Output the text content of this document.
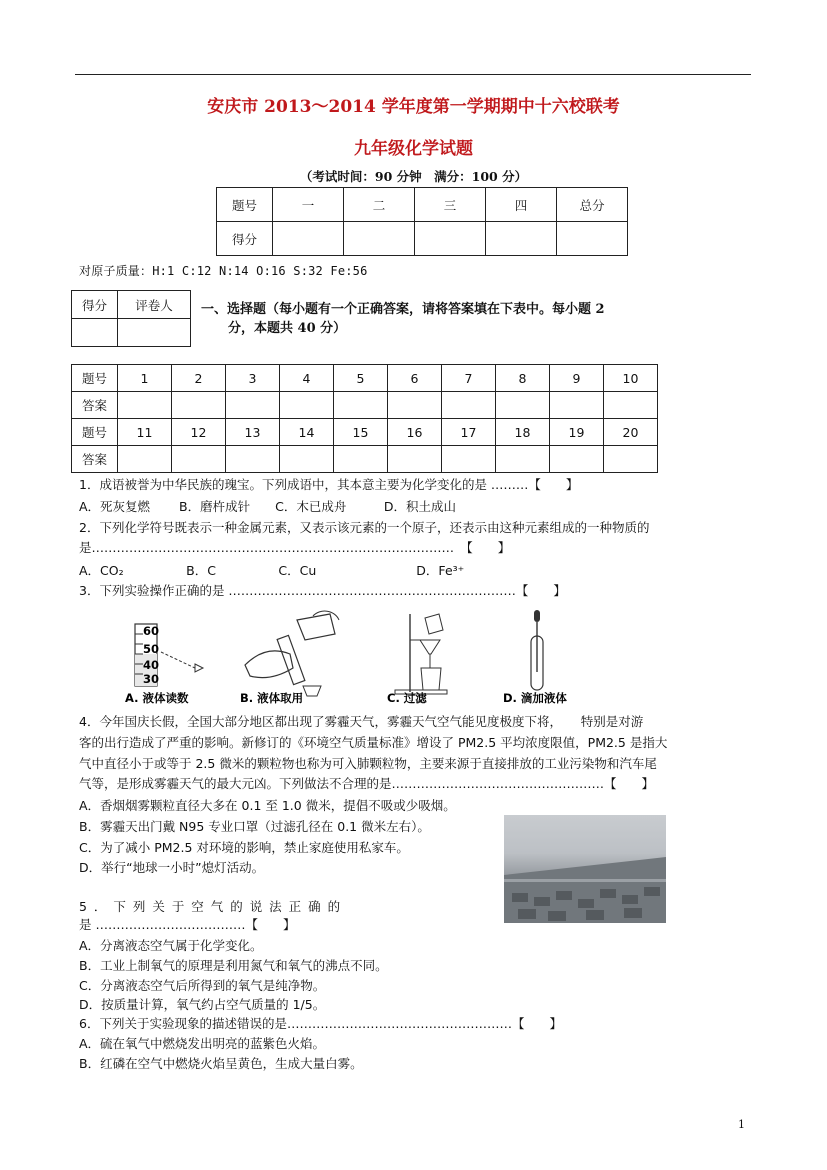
安庆市 2013～2014 学年度第一学期期中十六校联考
九年级化学试题
（考试时间：90 分钟　满分：100 分）
题号	一	二	三	四	总分
得分					
对原子质量：H:1 C:12 N:14 O:16 S:32 Fe:56
得分	评卷人
	一、选择题（每小题有一个正确答案，请将答案填在下表中。每小题 2
分，本题共 40 分）
题号	1	2	3	4	5	6	7	8	9	10
答案										
题号	11	12	13	14	15	16	17	18	19	20
答案										
1．成语被誉为中华民族的瑰宝。下列成语中，其本意主要为化学变化的是 ………【　　】
A．死灰复燃　　 B．磨杵成针　　C．木已成舟　　　D．积土成山
2．下列化学符号既表示一种金属元素，又表示该元素的一个原子，还表示由这种元素组成的一种物质的
是……………………………………………………………………………　【　　】
A．CO₂　　　　　B．C　　　　　C．Cu　　　　　　　　D．Fe³⁺
3．下列实验操作正确的是 ……………………………………………………………【　　】
60
50
40
30
A. 液体读数	B. 液体取用	C. 过滤	D. 滴加液体
4．今年国庆长假，全国大部分地区都出现了雾霾天气，雾霾天气空气能见度极度下将，　　特别是对游
客的出行造成了严重的影响。新修订的《环境空气质量标准》增设了 PM2.5 平均浓度限值，PM2.5 是指大
气中直径小于或等于 2.5 微米的颗粒物也称为可入肺颗粒物，主要来源于直接排放的工业污染物和汽车尾
气等，是形成雾霾天气的最大元凶。下列做法不合理的是……………………………………………【　　】
A．香烟烟雾颗粒直径大多在 0.1 至 1.0 微米，提倡不吸或少吸烟。
B．雾霾天出门戴 N95 专业口罩（过滤孔径在 0.1 微米左右）。
C．为了减小 PM2.5 对环境的影响，禁止家庭使用私家车。
D．举行“地球一小时”熄灯活动。
5 ． 下 列 关 于 空 气 的 说 法 正 确 的
是 ………………………………【　　】
A．分离液态空气属于化学变化。
B．工业上制氧气的原理是利用氮气和氧气的沸点不同。
C．分离液态空气后所得到的氧气是纯净物。
D．按质量计算，氧气约占空气质量的 1/5。
6．下列关于实验现象的描述错误的是………………………………………………【　　】
A．硫在氧气中燃烧发出明亮的蓝紫色火焰。
B．红磷在空气中燃烧火焰呈黄色，生成大量白雾。
1
